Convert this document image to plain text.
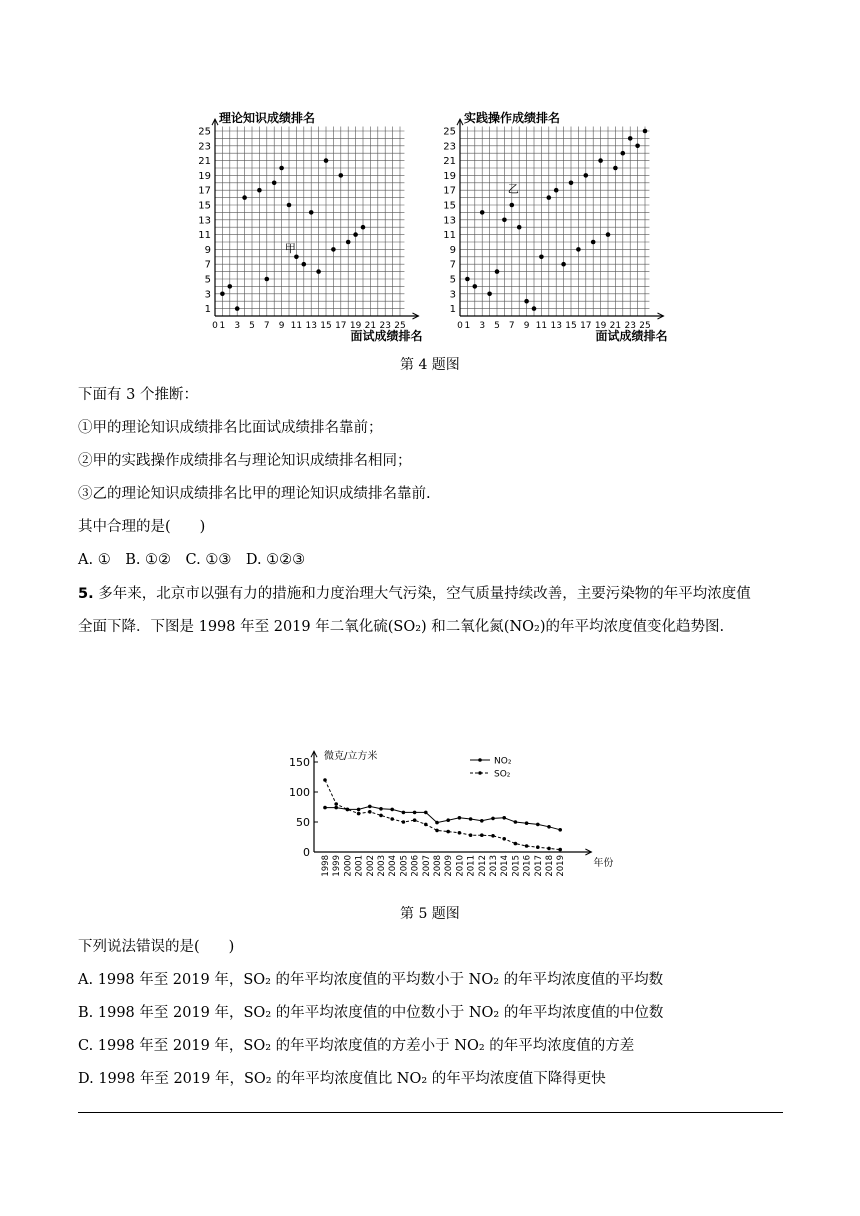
25
23
21
19
17
15
13
11
9
7
5
3
1
0 1 3 5 7 9 11 13 15 17 19 21 23 25
理论知识成绩排名
面试成绩排名
甲
25
23
21
19
17
15
13
11
9
7
5
3
1
0 1 3 5 7 9 11 13 15 17 19 21 23 25
实践操作成绩排名
面试成绩排名
乙
第 4 题图
下面有 3 个推断：
①甲的理论知识成绩排名比面试成绩排名靠前；
②甲的实践操作成绩排名与理论知识成绩排名相同；
③乙的理论知识成绩排名比甲的理论知识成绩排名靠前.
其中合理的是(　　)
A. ①　B. ①②　C. ①③　D. ①②③
5. 多年来，北京市以强有力的措施和力度治理大气污染，空气质量持续改善，主要污染物的年平均浓度值
全面下降．下图是 1998 年至 2019 年二氧化硫(SO₂) 和二氧化氮(NO₂)的年平均浓度值变化趋势图.
0
50
100
150 微克/立方米
年份
1998 1999 2000 2001 2002 2003 2004 2005 2006 2007 2008 2009 2010 2011 2012 2013 2014 2015 2016 2017 2018 2019
NO₂
SO₂
第 5 题图
下列说法错误的是(　　)
A. 1998 年至 2019 年，SO₂ 的年平均浓度值的平均数小于 NO₂ 的年平均浓度值的平均数
B. 1998 年至 2019 年，SO₂ 的年平均浓度值的中位数小于 NO₂ 的年平均浓度值的中位数
C. 1998 年至 2019 年，SO₂ 的年平均浓度值的方差小于 NO₂ 的年平均浓度值的方差
D. 1998 年至 2019 年，SO₂ 的年平均浓度值比 NO₂ 的年平均浓度值下降得更快
